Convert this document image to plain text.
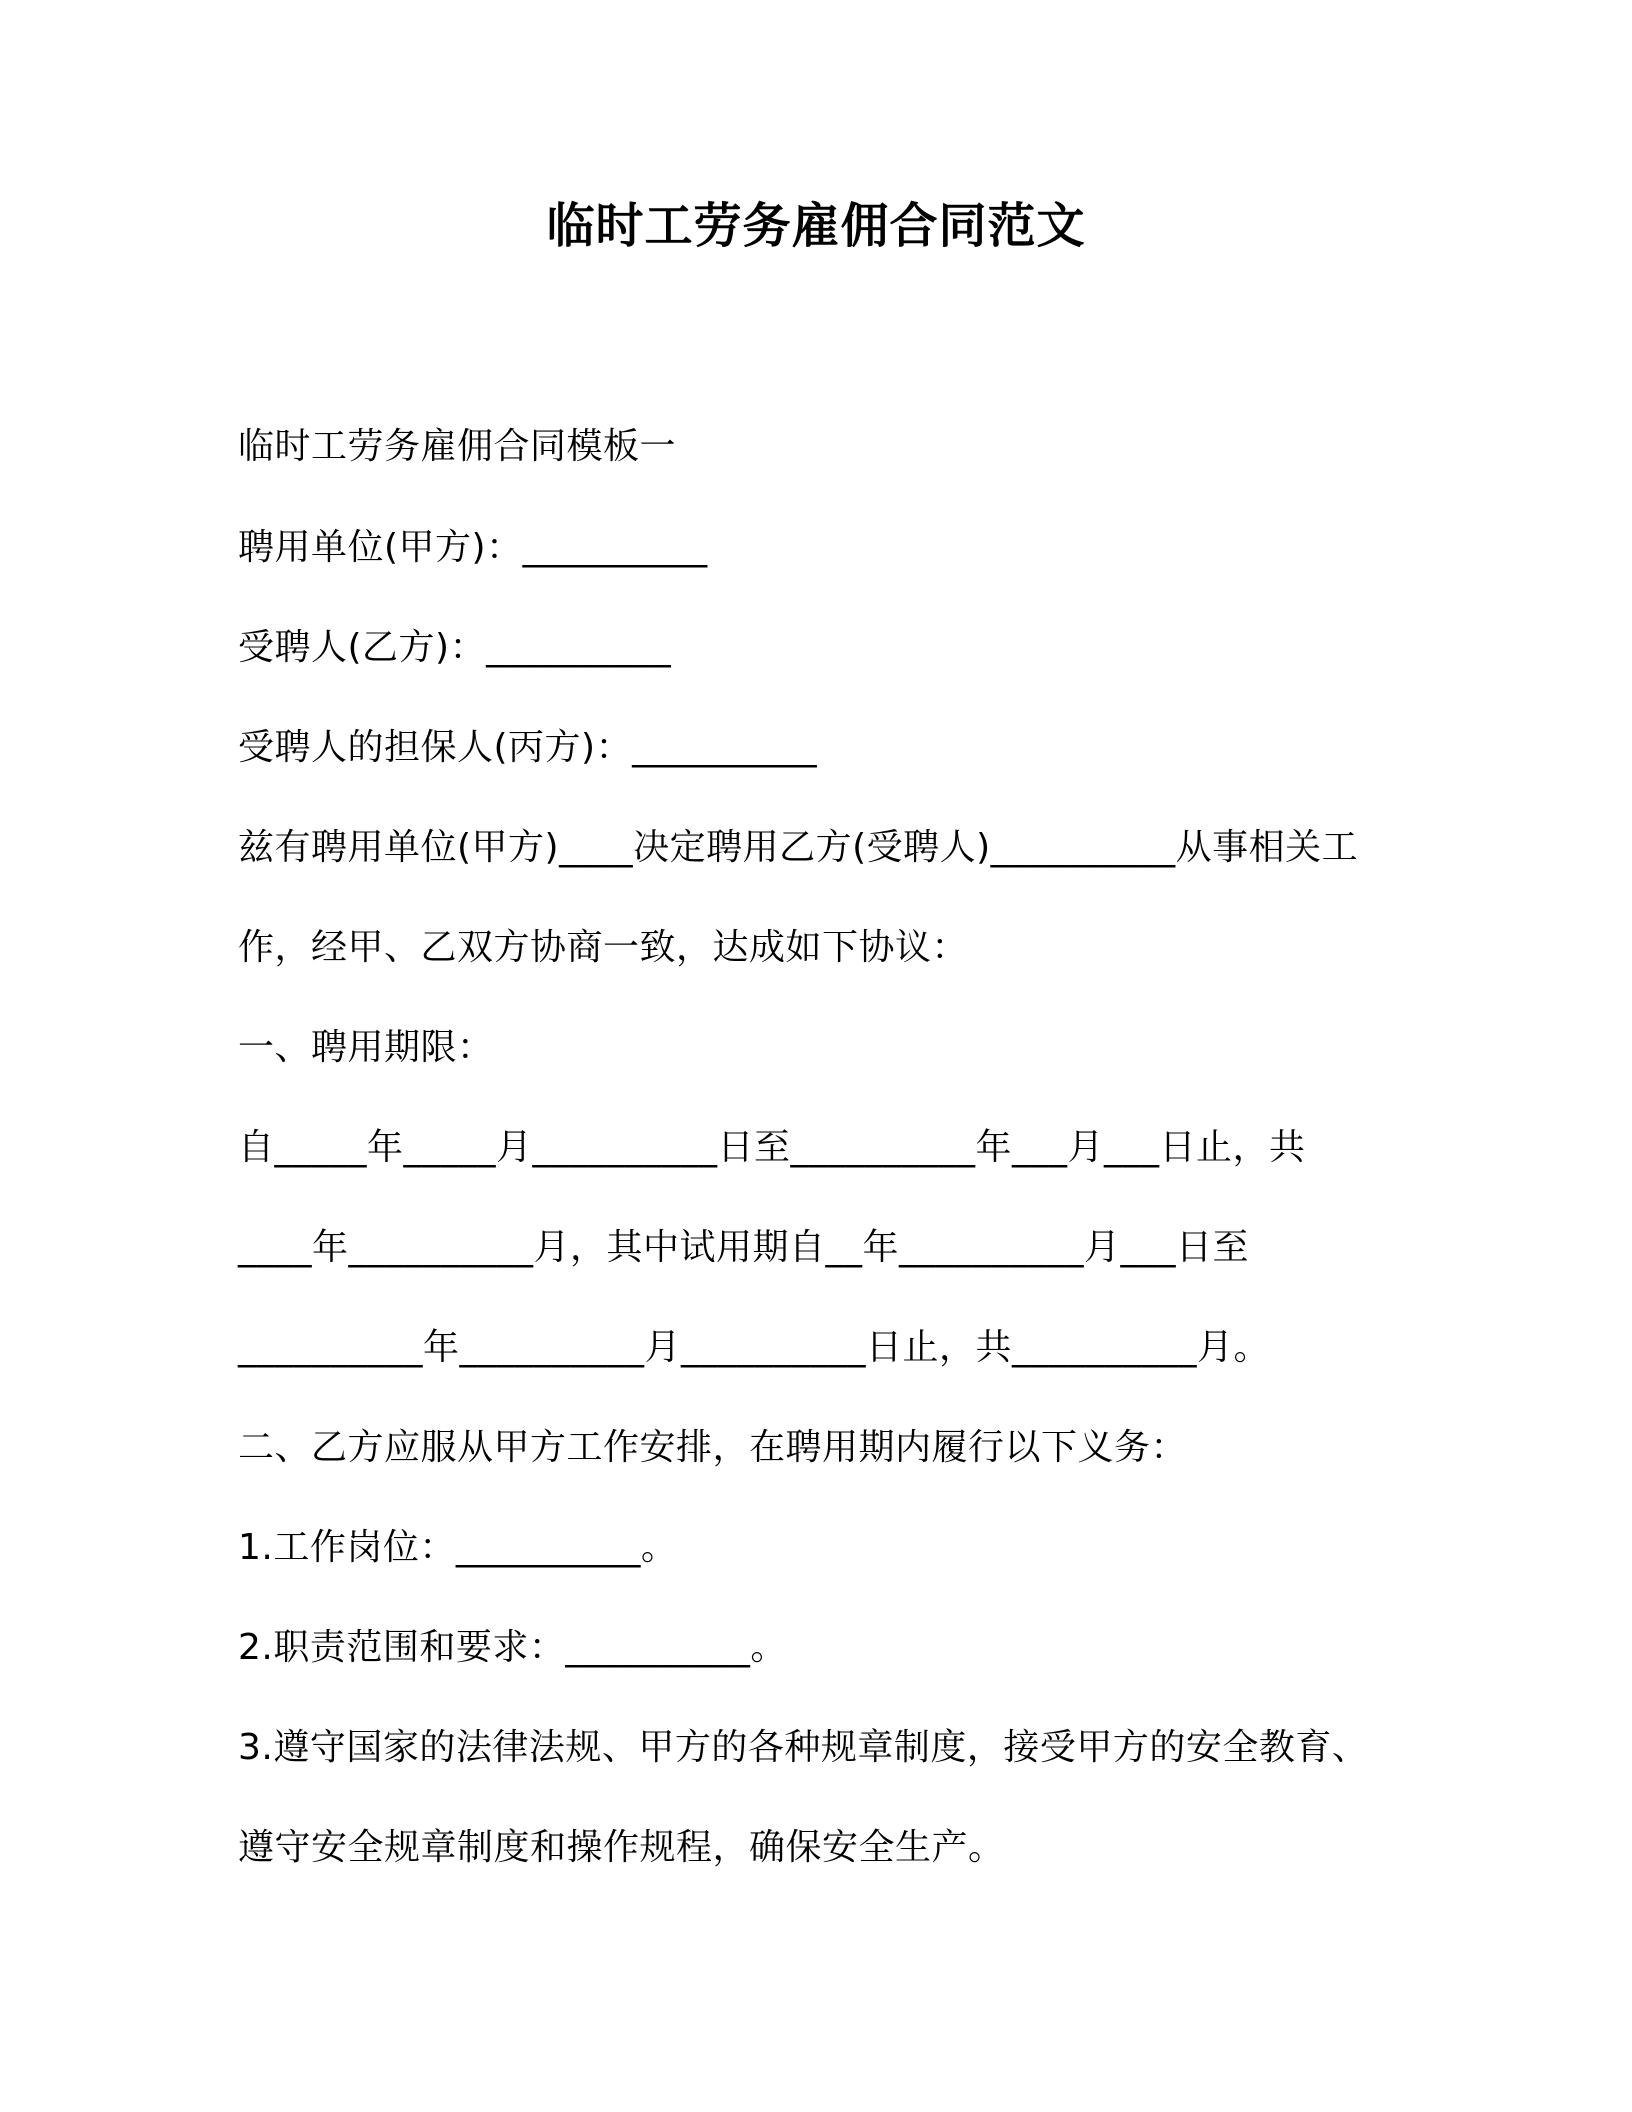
临时工劳务雇佣合同范文
临时工劳务雇佣合同模板一
聘用单位(甲方)：__________
受聘人(乙方)：__________
受聘人的担保人(丙方)：__________
兹有聘用单位(甲方)____决定聘用乙方(受聘人)__________从事相关工
作，经甲、乙双方协商一致，达成如下协议：
一、聘用期限：
自_____年_____月__________日至__________年___月___日止，共
____年__________月，其中试用期自__年__________月___日至
__________年__________月__________日止，共__________月。
二、乙方应服从甲方工作安排，在聘用期内履行以下义务：
1.工作岗位：__________。
2.职责范围和要求：__________。
3.遵守国家的法律法规、甲方的各种规章制度，接受甲方的安全教育、
遵守安全规章制度和操作规程，确保安全生产。
